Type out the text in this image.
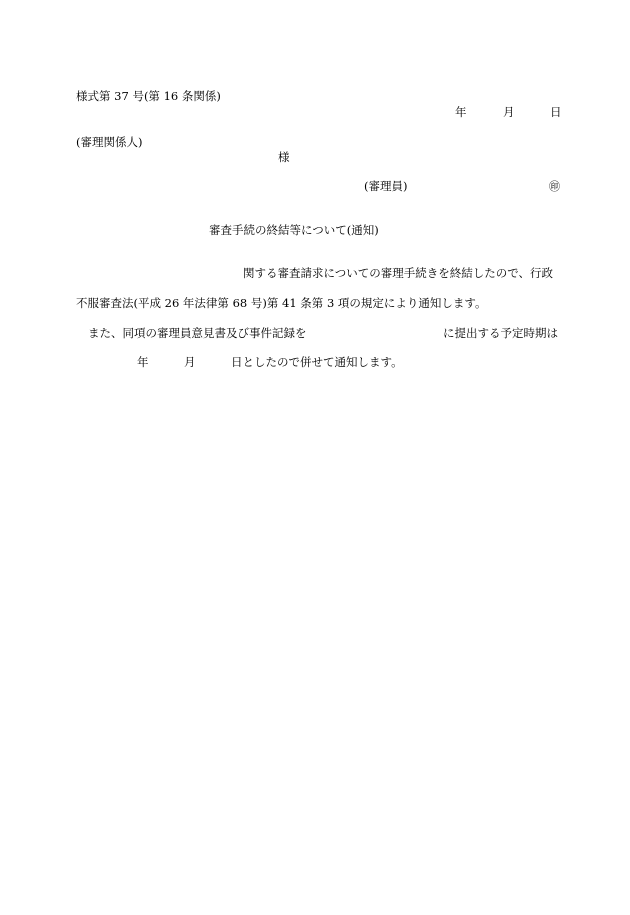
様式第 37 号(第 16 条関係)
年	月	日
(審理関係人)
様
(審理員)	㊞
審査手続の終結等について(通知)
関する審査請求についての審理手続きを終結したので、行政
不服審査法(平成 26 年法律第 68 号)第 41 条第 3 項の規定により通知します。
また、同項の審理員意見書及び事件記録を	に提出する予定時期は
年	月	日としたので併せて通知します。
